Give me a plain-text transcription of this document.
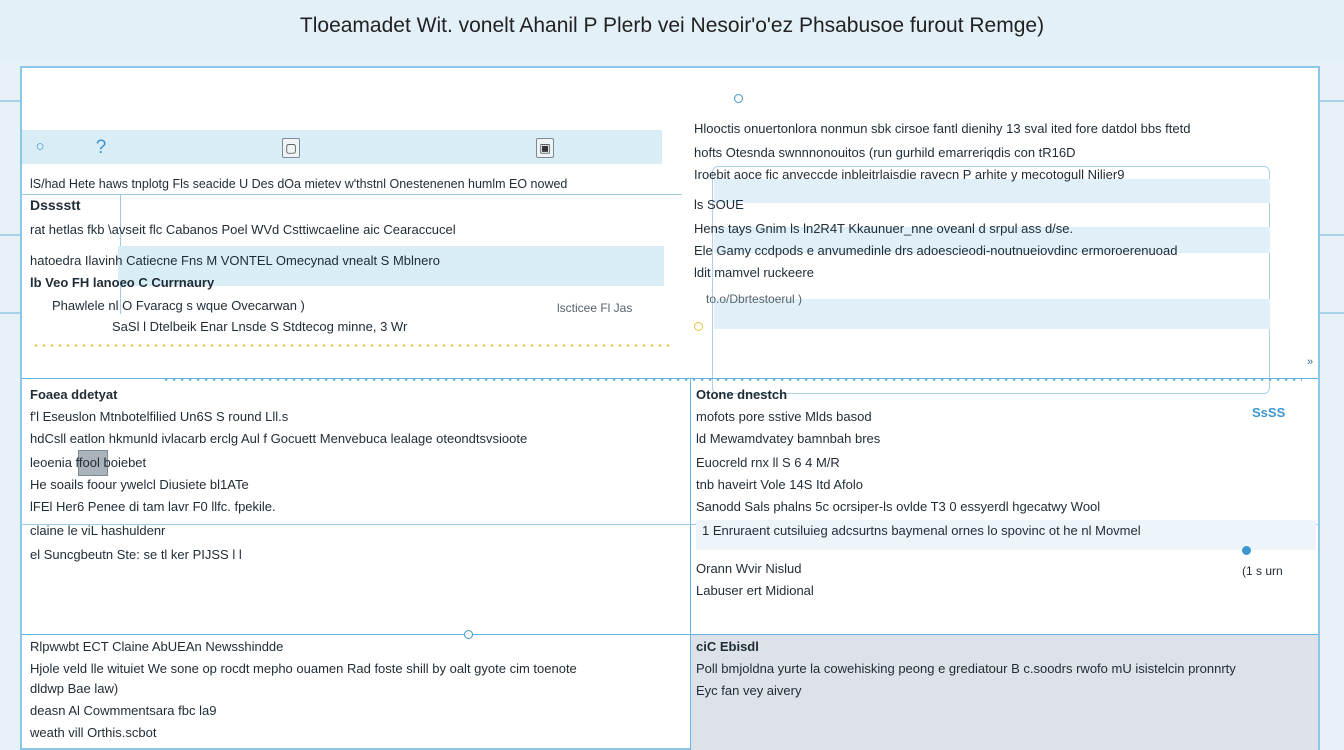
Tloeamadet Wit. vonelt Ahanil P Plerb vei Nesoir'o'ez Phsabusoe furout Remge)
○	?	▢	▣
lS/had Hete haws tnplotg Fls seacide U Des dOa mietev w'thstnl Onestenenen humlm EO nowed
Dsssstt
rat hetlas fkb \avseit flc Cabanos Poel WVd Csttiwcaeline aic Cearaccucel
hatoedra Ilavinh Catiecne Fns M VONTEL Omecynad vnealt S Mblnero
lb Veo FH lanoeo C Currnaury
Phawlele nl O Fvaracg s wque Ovecarwan )	lscticee Fl Jas
SaSl l Dtelbeik Enar Lnsde S Stdtecog minne, 3 Wr
Hlooctis onuertonlora nonmun sbk cirsoe fantl dienihy 13 sval ited fore datdol bbs ftetd
hofts Otesnda swnnnonouitos (run gurhild emarreriqdis con tR16D
Iroebit aoce fic anveccde inbleitrlaisdie ravecn P arhite y mecotogull Nilier9
ls SOUE
Hens tays Gnim ls ln2R4T Kkaunuer_nne oveanl d srpul ass d/se.
Ele Gamy ccdpods e anvumedinle drs adoescieodi-noutnueiovdinc ermoroerenuoad
ldit mamvel ruckeere
to.o/Dbrtestoerul )
»
Foaea ddetyat
f'l Eseuslon Mtnbotelfilied Un6S S round Lll.s
hdCsll eatlon hkmunld ivlacarb erclg Aul f Gocuett Menvebuca lealage oteondtsvsioote
leoenia ffool boiebet
He soails foour ywelcl Diusiete bl1ATe
lFEl Her6 Penee di tam lavr F0 llfc. fpekile.
claine le viL hashuldenr
el Suncgbeutn Ste: se tl ker PIJSS l l
Otone dnestch
SsSS
mofots pore sstive Mlds basod
ld Mewamdvatey bamnbah bres
Euocreld rnx ll S 6 4 M/R
tnb haveirt Vole 14S Itd Afolo
Sanodd Sals phalns 5c ocrsiper-ls ovlde T3 0 essyerdl hgecatwy Wool
1 Enruraent cutsiluieg adcsurtns baymenal ornes lo spovinc ot he nl Movmel
Orann Wvir Nislud	(1 s urn
Labuser ert Midional
Rlpwwbt ECT Claine AbUEAn Newsshindde
Hjole veld lle wituiet We sone op rocdt mepho ouamen Rad foste shill by oalt gyote cim toenote
dldwp Bae law)
deasn Al Cowmmentsara fbc la9
weath vill Orthis.scbot
ciC Ebisdl
Poll bmjoldna yurte la cowehisking peong e grediatour B c.soodrs rwofo mU isistelcin pronnrty
Eyc fan vey aivery
